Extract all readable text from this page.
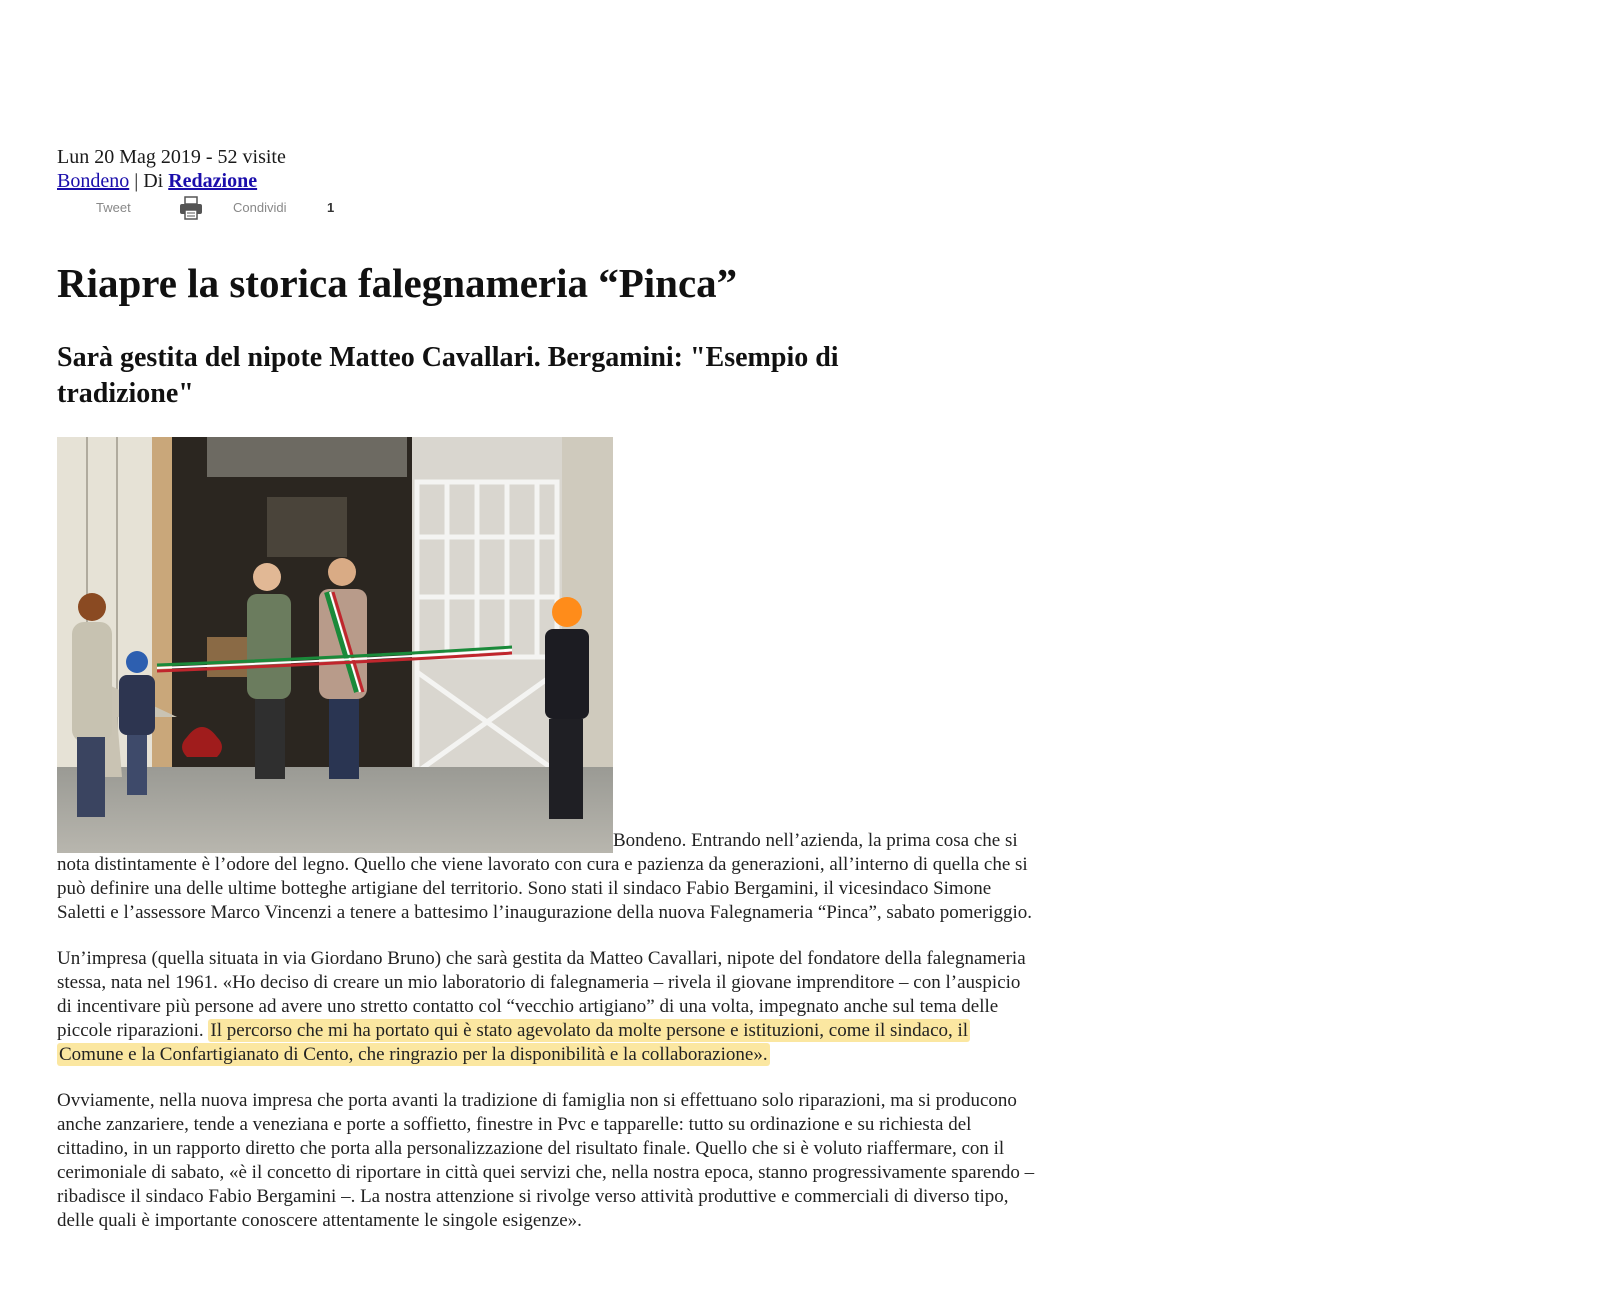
Lun 20 Mag 2019 - 52 visite
Bondeno | Di Redazione
Tweet	Condividi	1
Riapre la storica falegnameria “Pinca”
Sarà gestita del nipote Matteo Cavallari. Bergamini: "Esempio di tradizione"

Bondeno. Entrando nell’azienda, la prima cosa che si nota distintamente è l’odore del legno. Quello che viene lavorato con cura e pazienza da generazioni, all’interno di quella che si può definire una delle ultime botteghe artigiane del territorio. Sono stati il sindaco Fabio Bergamini, il vicesindaco Simone Saletti e l’assessore Marco Vincenzi a tenere a battesimo l’inaugurazione della nuova Falegnameria “Pinca”, sabato pomeriggio.

Un’impresa (quella situata in via Giordano Bruno) che sarà gestita da Matteo Cavallari, nipote del fondatore della falegnameria stessa, nata nel 1961. «Ho deciso di creare un mio laboratorio di falegnameria – rivela il giovane imprenditore – con l’auspicio di incentivare più persone ad avere uno stretto contatto col “vecchio artigiano” di una volta, impegnato anche sul tema delle piccole riparazioni. Il percorso che mi ha portato qui è stato agevolato da molte persone e istituzioni, come il sindaco, il Comune e la Confartigianato di Cento, che ringrazio per la disponibilità e la collaborazione».

Ovviamente, nella nuova impresa che porta avanti la tradizione di famiglia non si effettuano solo riparazioni, ma si producono anche zanzariere, tende a veneziana e porte a soffietto, finestre in Pvc e tapparelle: tutto su ordinazione e su richiesta del cittadino, in un rapporto diretto che porta alla personalizzazione del risultato finale. Quello che si è voluto riaffermare, con il cerimoniale di sabato, «è il concetto di riportare in città quei servizi che, nella nostra epoca, stanno progressivamente sparendo – ribadisce il sindaco Fabio Bergamini –. La nostra attenzione si rivolge verso attività produttive e commerciali di diverso tipo, delle quali è importante conoscere attentamente le singole esigenze».
